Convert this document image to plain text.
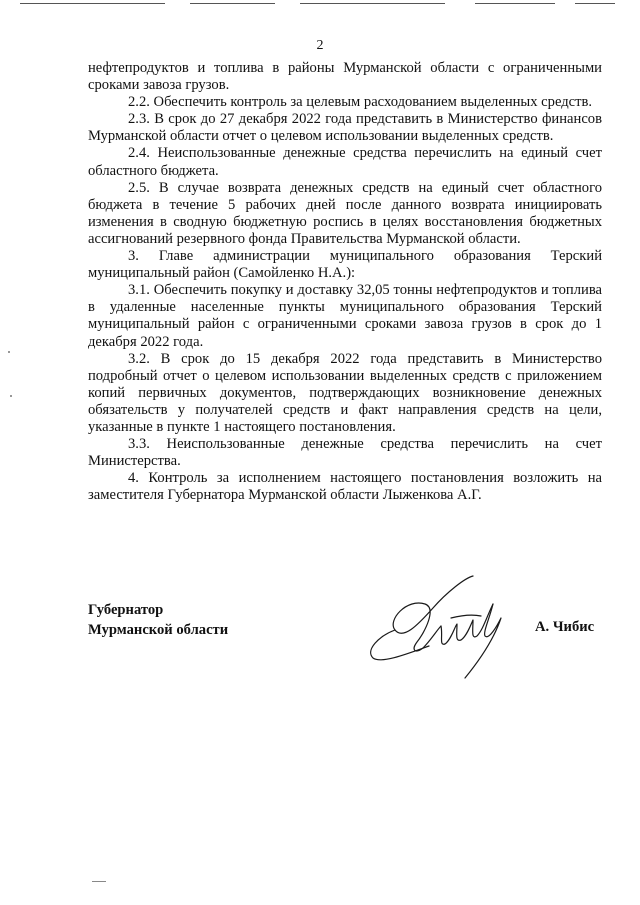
2

нефтепродуктов и топлива в районы Мурманской области с ограниченными сроками завоза грузов.

2.2. Обеспечить контроль за целевым расходованием выделенных средств.

2.3. В срок до 27 декабря 2022 года представить в Министерство финансов Мурманской области отчет о целевом использовании выделенных средств.

2.4. Неиспользованные денежные средства перечислить на единый счет областного бюджета.

2.5. В случае возврата денежных средств на единый счет областного бюджета в течение 5 рабочих дней после данного возврата инициировать изменения в сводную бюджетную роспись в целях восстановления бюджетных ассигнований резервного фонда Правительства Мурманской области.

3. Главе администрации муниципального образования Терский муниципальный район (Самойленко Н.А.):

3.1. Обеспечить покупку и доставку 32,05 тонны нефтепродуктов и топлива в удаленные населенные пункты муниципального образования Терский муниципальный район с ограниченными сроками завоза грузов в срок до 1 декабря 2022 года.

3.2. В срок до 15 декабря 2022 года представить в Министерство подробный отчет о целевом использовании выделенных средств с приложением копий первичных документов, подтверждающих возникновение денежных обязательств у получателей средств и факт направления средств на цели, указанные в пункте 1 настоящего постановления.

3.3. Неиспользованные денежные средства перечислить на счет Министерства.

4. Контроль за исполнением настоящего постановления возложить на заместителя Губернатора Мурманской области Лыженкова А.Г.

Губернатор
Мурманской области	А. Чибис
